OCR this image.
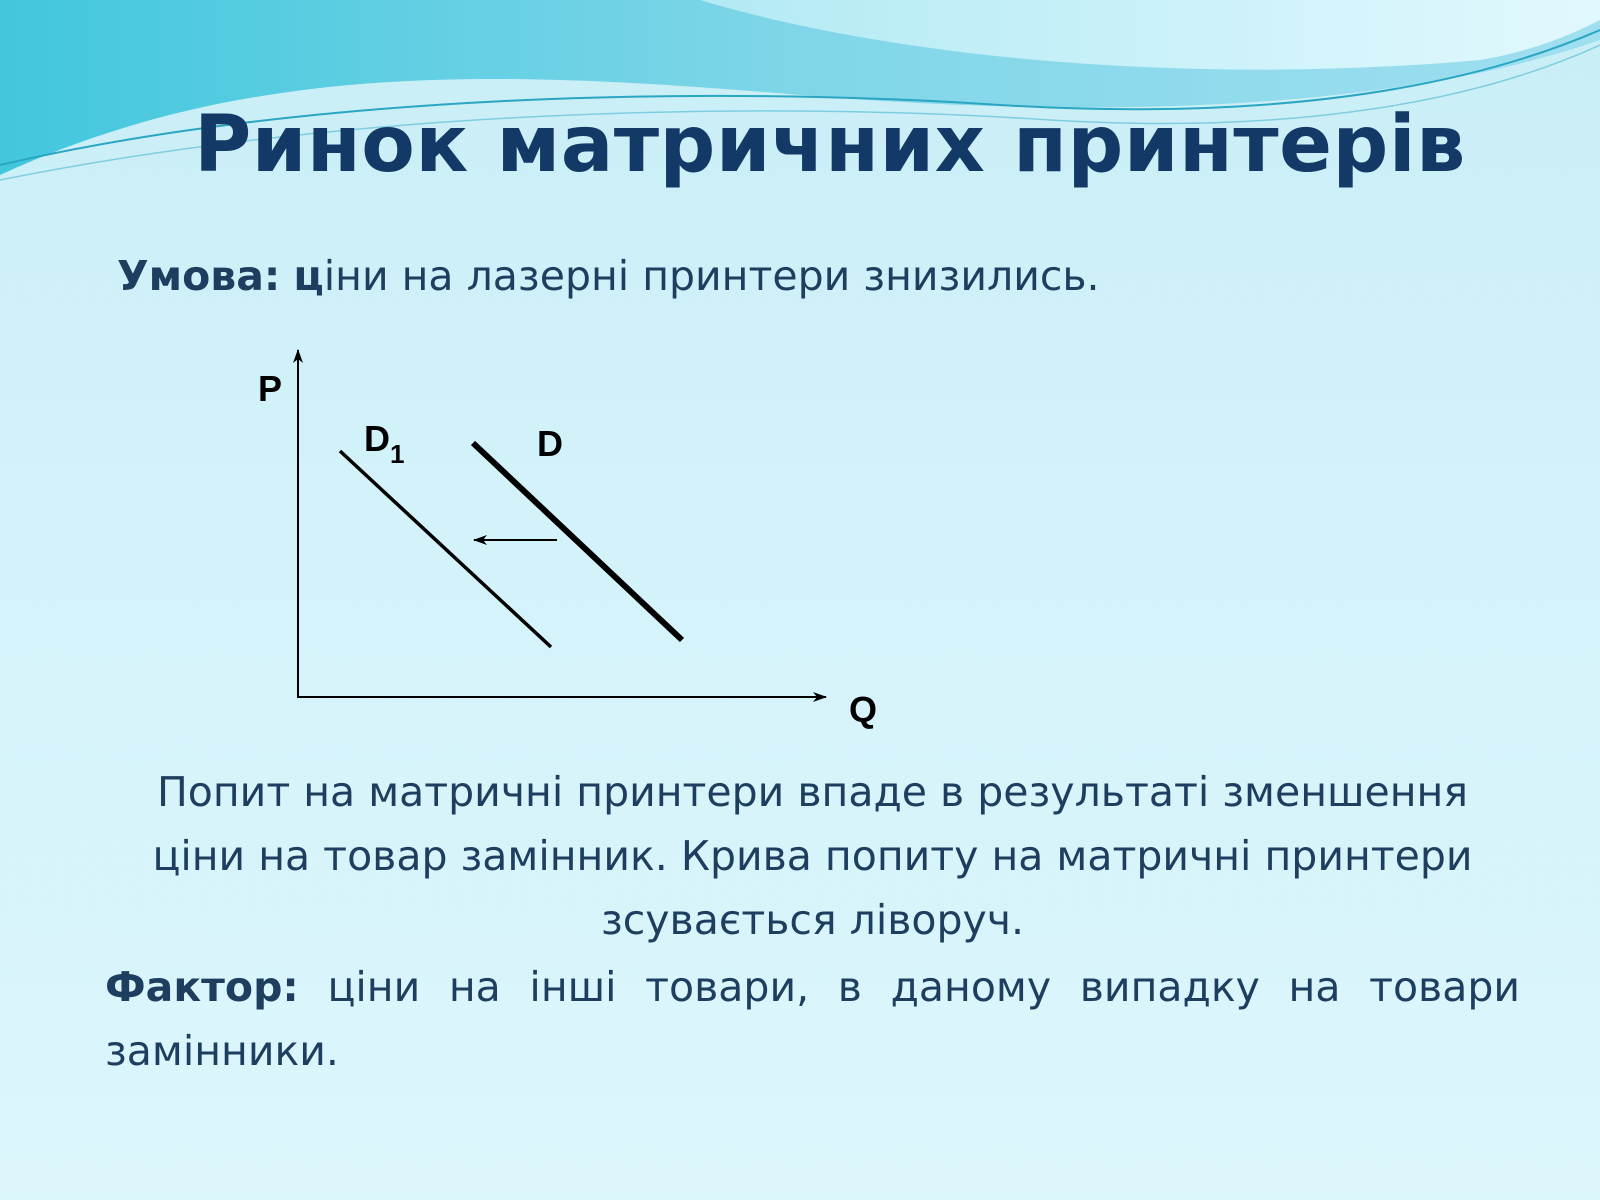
Ринок матричних принтерів
Умова: ціни на лазерні принтери знизились.
P
Q
$D_1$	D
Попит на матричні принтери впаде в результаті зменшення ціни на товар замінник. Крива попиту на матричні принтери зсувається ліворуч.
Фактор: ціни на інші товари, в даному випадку на товари замінники.
